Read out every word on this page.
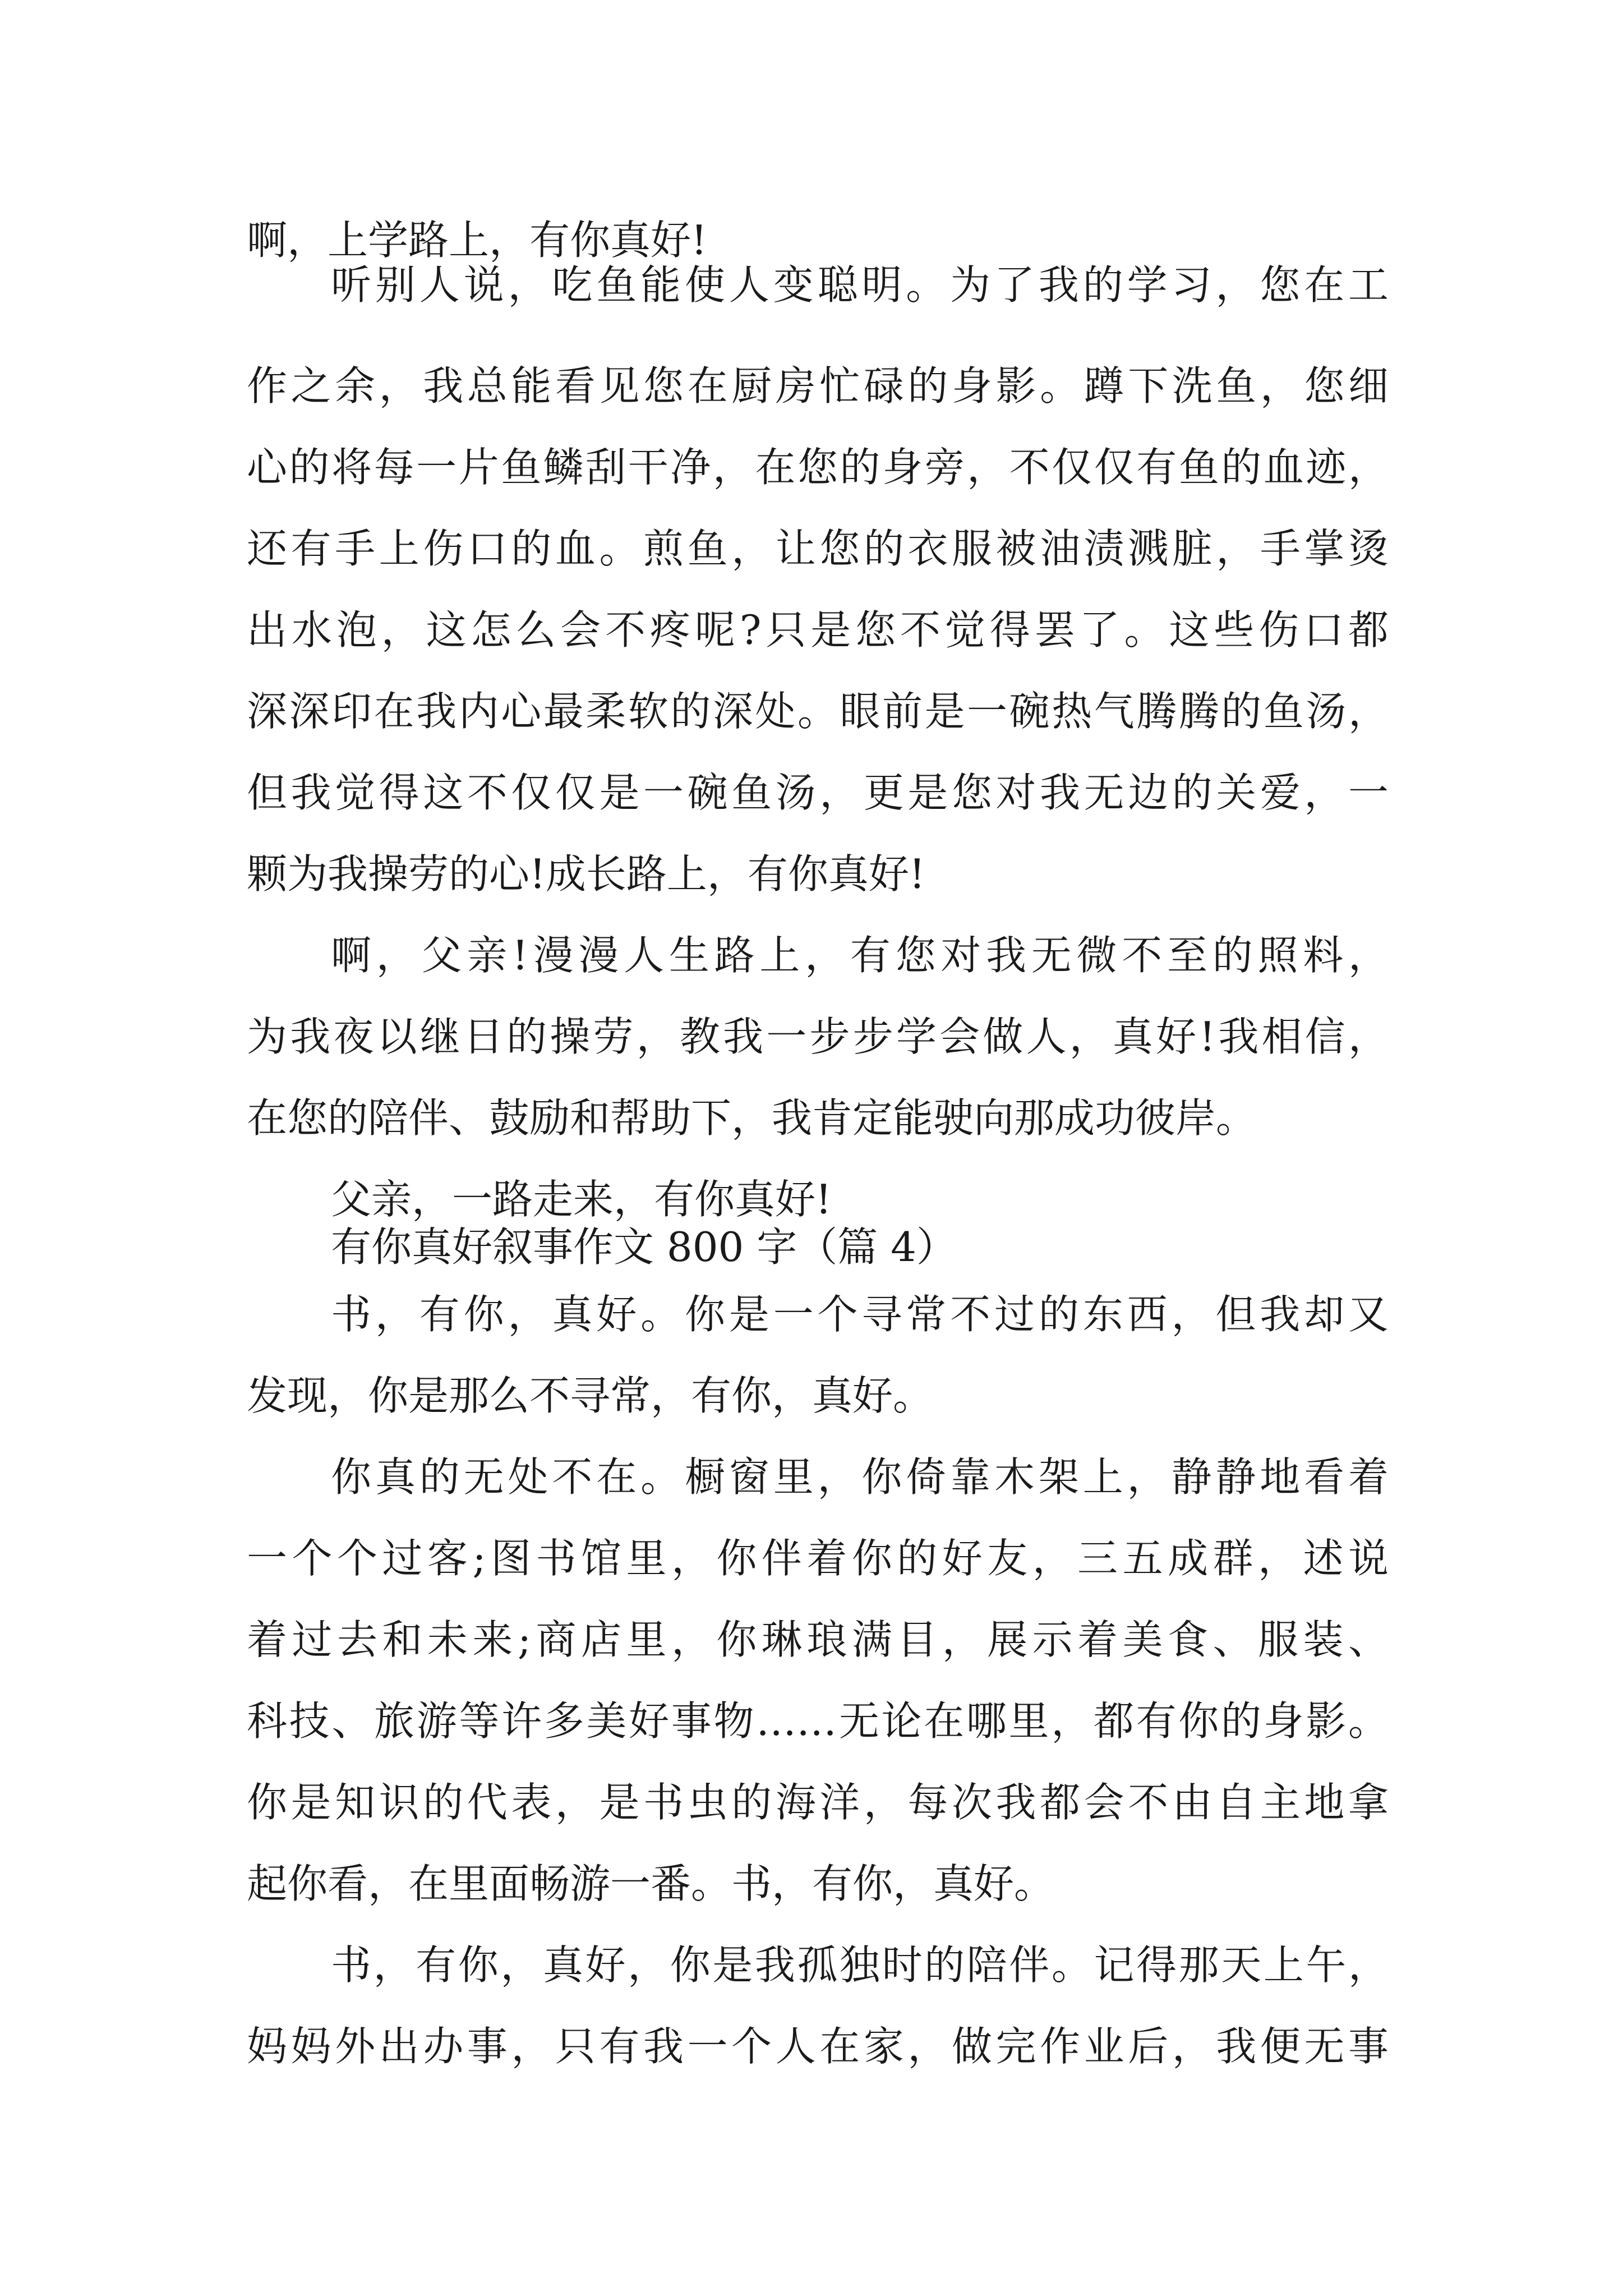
啊，上学路上，有你真好!
听别人说，吃鱼能使人变聪明。为了我的学习，您在工
作之余，我总能看见您在厨房忙碌的身影。蹲下洗鱼，您细
心的将每一片鱼鳞刮干净，在您的身旁，不仅仅有鱼的血迹，
还有手上伤口的血。煎鱼，让您的衣服被油渍溅脏，手掌烫
出水泡，这怎么会不疼呢?只是您不觉得罢了。这些伤口都
深深印在我内心最柔软的深处。眼前是一碗热气腾腾的鱼汤，
但我觉得这不仅仅是一碗鱼汤，更是您对我无边的关爱，一
颗为我操劳的心!成长路上，有你真好!
啊，父亲!漫漫人生路上，有您对我无微不至的照料，
为我夜以继日的操劳，教我一步步学会做人，真好!我相信，
在您的陪伴、鼓励和帮助下，我肯定能驶向那成功彼岸。
父亲，一路走来，有你真好!
有你真好叙事作文 800 字（篇 4）
书，有你，真好。你是一个寻常不过的东西，但我却又
发现，你是那么不寻常，有你，真好。
你真的无处不在。橱窗里，你倚靠木架上，静静地看着
一个个过客;图书馆里，你伴着你的好友，三五成群，述说
着过去和未来;商店里，你琳琅满目，展示着美食、服装、
科技、旅游等许多美好事物……无论在哪里，都有你的身影。
你是知识的代表，是书虫的海洋，每次我都会不由自主地拿
起你看，在里面畅游一番。书，有你，真好。
书，有你，真好，你是我孤独时的陪伴。记得那天上午，
妈妈外出办事，只有我一个人在家，做完作业后，我便无事
